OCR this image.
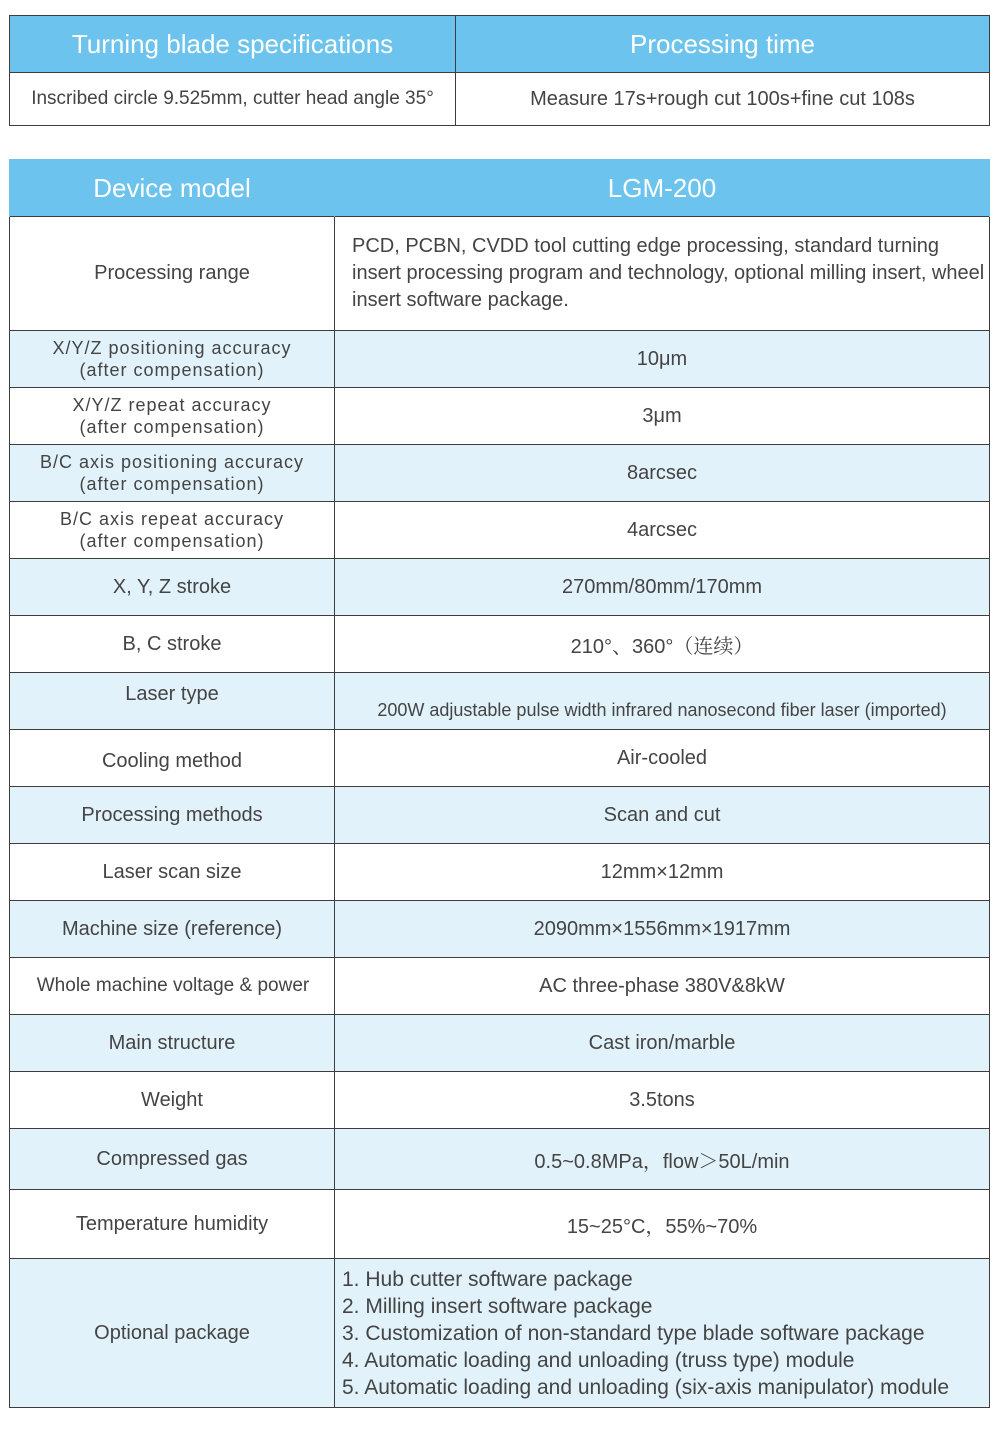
Turning blade specifications	Processing time
Inscribed circle 9.525mm, cutter head angle 35°	Measure 17s+rough cut 100s+fine cut 108s
Device model	LGM-200
Processing range	PCD, PCBN, CVDD tool cutting edge processing, standard turning insert processing program and technology, optional milling insert, wheel insert software package.

X/Y/Z positioning accuracy
(after compensation)	10μm

X/Y/Z repeat accuracy
(after compensation)	3μm

B/C axis positioning accuracy
(after compensation)	8arcsec

B/C axis repeat accuracy
(after compensation)	4arcsec
X, Y, Z stroke	270mm/80mm/170mm
B, C stroke	210°、360°（连续）
Laser type	200W adjustable pulse width infrared nanosecond fiber laser (imported)
Cooling method	Air-cooled
Processing methods	Scan and cut
Laser scan size	12mm×12mm
Machine size (reference)	2090mm×1556mm×1917mm
Whole machine voltage & power	AC three-phase 380V&8kW
Main structure	Cast iron/marble
Weight	3.5tons
Compressed gas	0.5~0.8MPa，flow＞50L/min
Temperature humidity	15~25°C，55%~70%
Optional package	1. Hub cutter software package
2. Milling insert software package
3. Customization of non-standard type blade software package
4. Automatic loading and unloading (truss type) module
5. Automatic loading and unloading (six-axis manipulator) module
